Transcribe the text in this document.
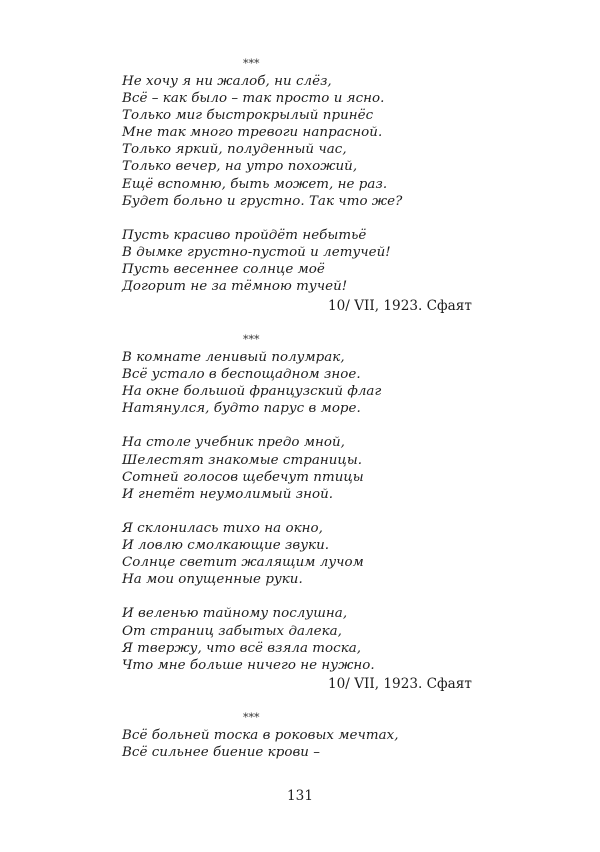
***
Не хочу я ни жалоб, ни слёз,
Всё – как было – так просто и ясно.
Только миг быстрокрылый принёс
Мне так много тревоги напрасной.
Только яркий, полуденный час,
Только вечер, на утро похожий,
Ещё вспомню, быть может, не раз.
Будет больно и грустно. Так что же?
Пусть красиво пройдёт небытьё
В дымке грустно-пустой и летучей!
Пусть весеннее солнце моё
Догорит не за тёмною тучей!
10/ VII, 1923. Сфаят
***
В комнате ленивый полумрак,
Всё устало в беспощадном зное.
На окне большой французский флаг
Натянулся, будто парус в море.
На столе учебник предо мной,
Шелестят знакомые страницы.
Сотней голосов щебечут птицы
И гнетёт неумолимый зной.
Я склонилась тихо на окно,
И ловлю смолкающие звуки.
Солнце светит жалящим лучом
На мои опущенные руки.
И веленью тайному послушна,
От страниц забытых далека,
Я твержу, что всё взяла тоска,
Что мне больше ничего не нужно.
10/ VII, 1923. Сфаят
***
Всё больней тоска в роковых мечтах,
Всё сильнее биение крови –
131
